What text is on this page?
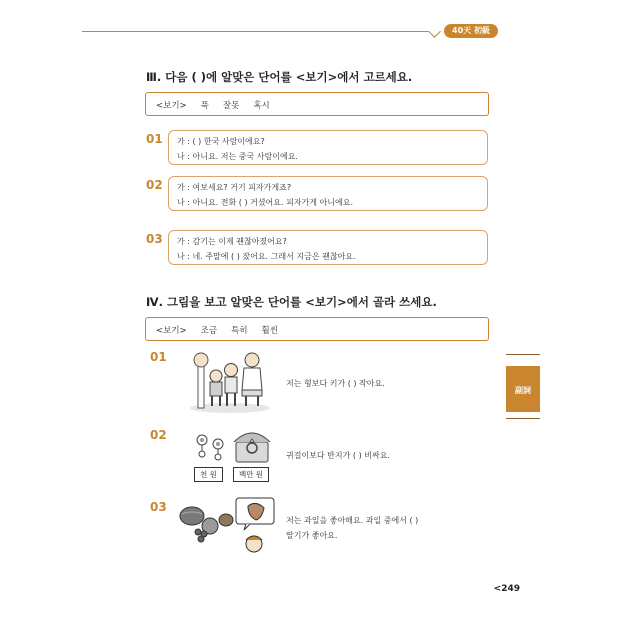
40天 初級
Ⅲ. 다음 ( )에 알맞은 단어를 <보기>에서 고르세요.
<보기> 푹 잘못 혹시
01 가 : ( ) 한국 사람이에요?
나 : 아니요. 저는 중국 사람이에요.
02 가 : 여보세요? 거기 피자가게죠?
나 : 아니요. 전화 ( ) 거셨어요. 피자가게 아니에요.
03 가 : 감기는 이제 괜찮아졌어요?
나 : 네. 주말에 ( ) 잤어요. 그래서 지금은 괜찮아요.
Ⅳ. 그림을 보고 알맞은 단어를 <보기>에서 골라 쓰세요.
<보기> 조금 특히 훨씬
副詞
01
저는 형보다 키가 ( ) 작아요.
02
천 원	백만 원
귀걸이보다 반지가 ( ) 비싸요.
03
저는 과일을 좋아해요. 과일 중에서 ( )
딸기가 좋아요.
<249
